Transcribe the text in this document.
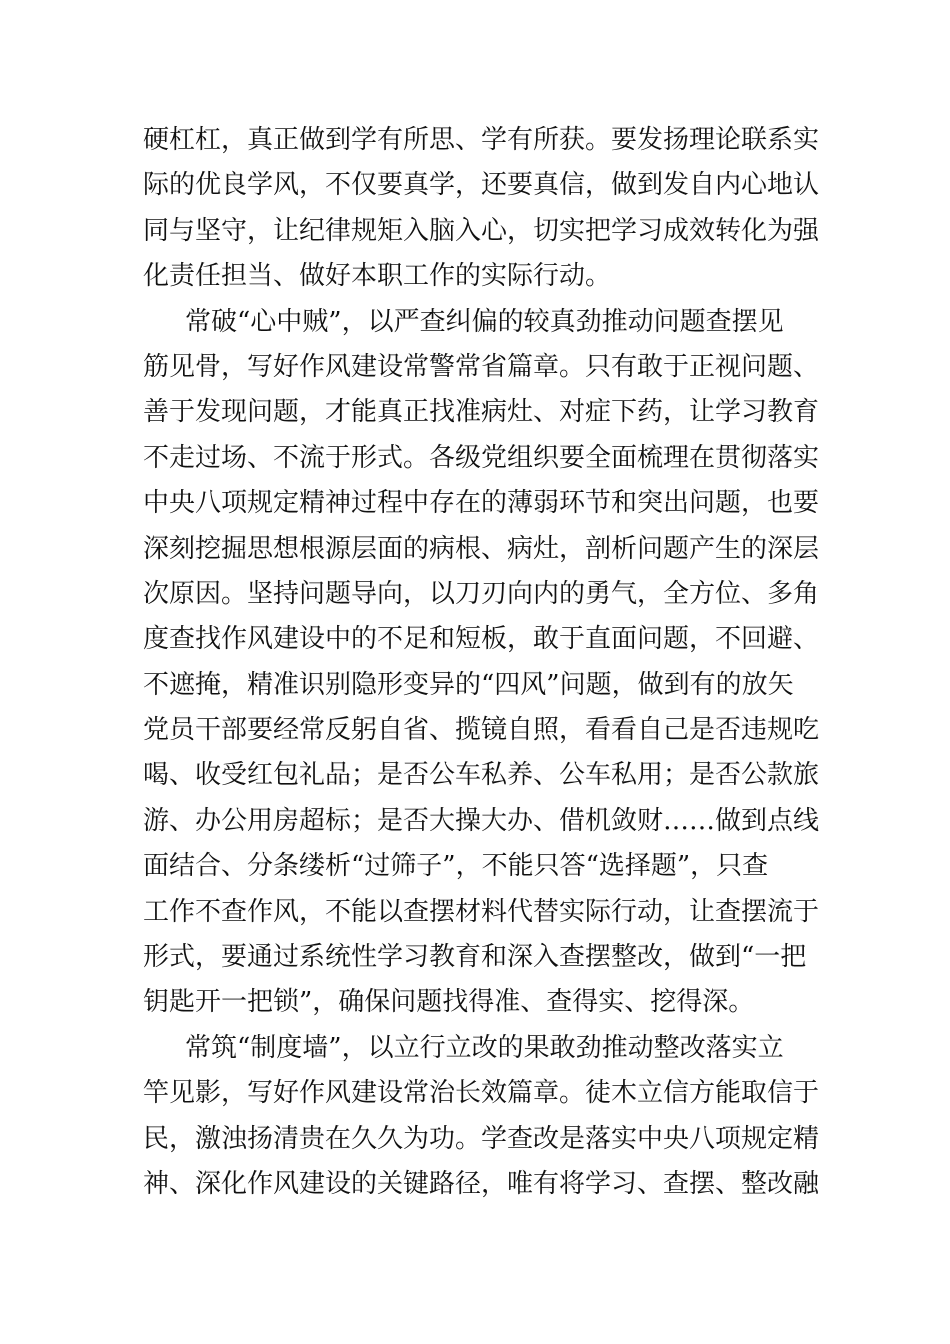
硬杠杠，真正做到学有所思、学有所获。要发扬理论联系实
际的优良学风，不仅要真学，还要真信，做到发自内心地认
同与坚守，让纪律规矩入脑入心，切实把学习成效转化为强
化责任担当、做好本职工作的实际行动。
常破“心中贼”，以严查纠偏的较真劲推动问题查摆见
筋见骨，写好作风建设常警常省篇章。只有敢于正视问题、
善于发现问题，才能真正找准病灶、对症下药，让学习教育
不走过场、不流于形式。各级党组织要全面梳理在贯彻落实
中央八项规定精神过程中存在的薄弱环节和突出问题，也要
深刻挖掘思想根源层面的病根、病灶，剖析问题产生的深层
次原因。坚持问题导向，以刀刃向内的勇气，全方位、多角
度查找作风建设中的不足和短板，敢于直面问题，不回避、
不遮掩，精准识别隐形变异的“四风”问题，做到有的放矢
党员干部要经常反躬自省、揽镜自照，看看自己是否违规吃
喝、收受红包礼品；是否公车私养、公车私用；是否公款旅
游、办公用房超标；是否大操大办、借机敛财……做到点线
面结合、分条缕析“过筛子”，不能只答“选择题”，只查
工作不查作风，不能以查摆材料代替实际行动，让查摆流于
形式，要通过系统性学习教育和深入查摆整改，做到“一把
钥匙开一把锁”，确保问题找得准、查得实、挖得深。
常筑“制度墙”，以立行立改的果敢劲推动整改落实立
竿见影，写好作风建设常治长效篇章。徒木立信方能取信于
民，激浊扬清贵在久久为功。学查改是落实中央八项规定精
神、深化作风建设的关键路径，唯有将学习、查摆、整改融
